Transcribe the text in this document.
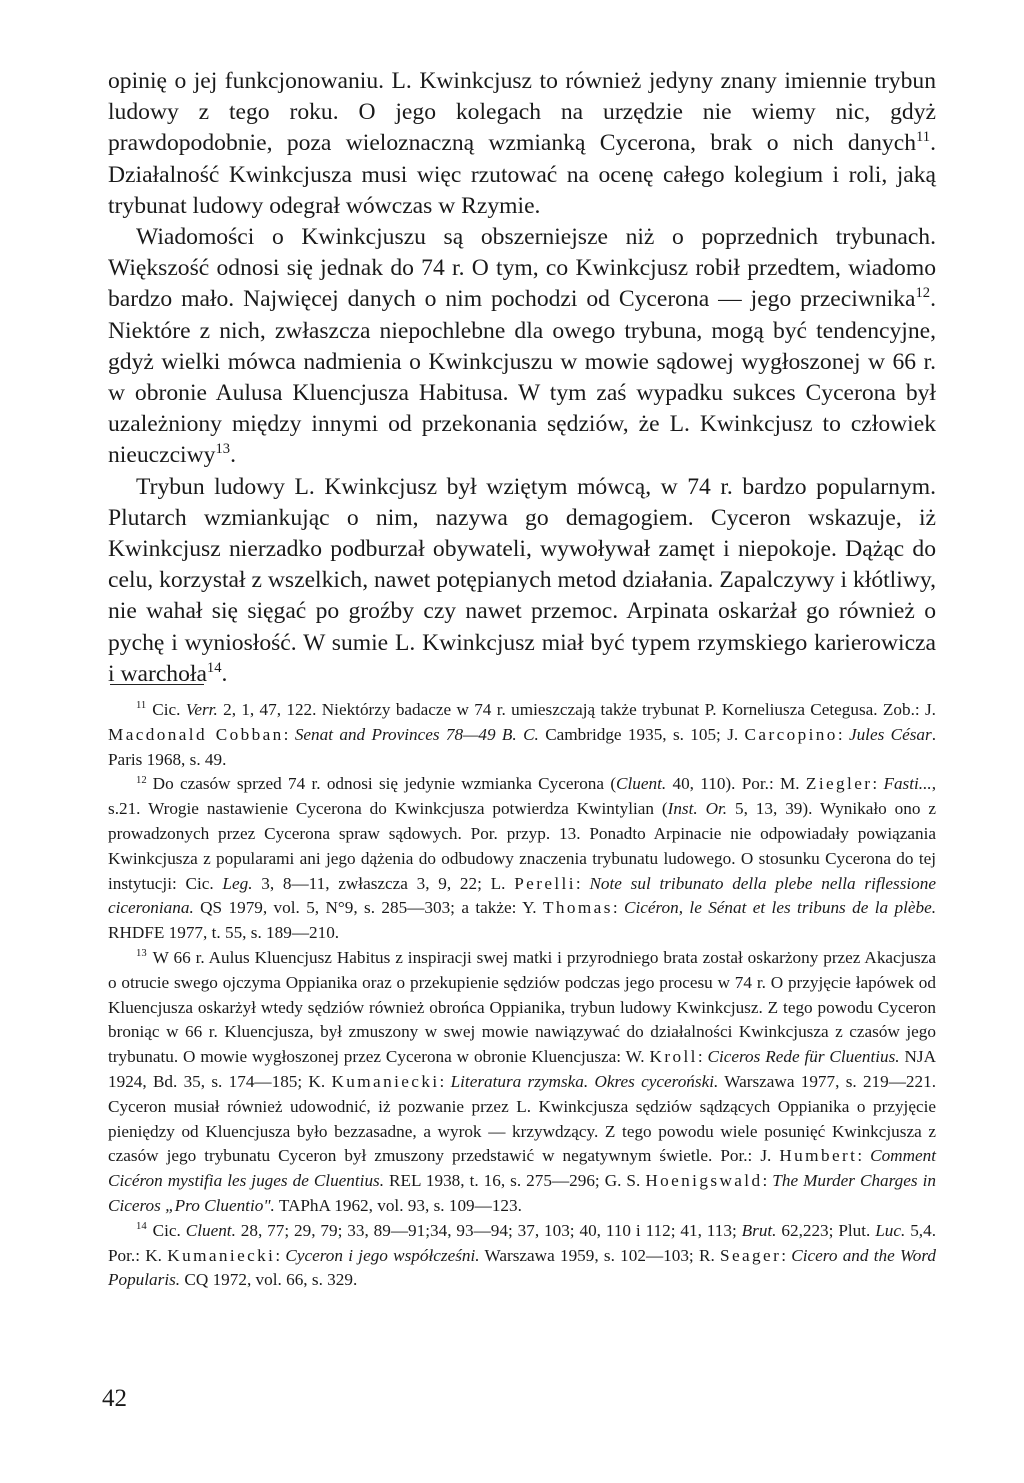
opinię o jej funkcjonowaniu. L. Kwinkcjusz to również jedyny znany imiennie trybun ludowy z tego roku. O jego kolegach na urzędzie nie wiemy nic, gdyż prawdopodobnie, poza wieloznaczną wzmianką Cycerona, brak o nich danych$^{11}$. Działalność Kwinkcjusza musi więc rzutować na ocenę całego kolegium i roli, jaką trybunat ludowy odegrał wówczas w Rzymie.

Wiadomości o Kwinkcjuszu są obszerniejsze niż o poprzednich trybunach. Większość odnosi się jednak do 74 r. O tym, co Kwinkcjusz robił przedtem, wiadomo bardzo mało. Najwięcej danych o nim pochodzi od Cycerona — jego przeciwnika$^{12}$. Niektóre z nich, zwłaszcza niepochlebne dla owego trybuna, mogą być tendencyjne, gdyż wielki mówca nadmienia o Kwinkcjuszu w mowie sądowej wygłoszonej w 66 r. w obronie Aulusa Kluencjusza Habitusa. W tym zaś wypadku sukces Cycerona był uzależniony między innymi od przekonania sędziów, że L. Kwinkcjusz to człowiek nieuczciwy$^{13}$.

Trybun ludowy L. Kwinkcjusz był wziętym mówcą, w 74 r. bardzo popularnym. Plutarch wzmiankując o nim, nazywa go demagogiem. Cyceron wskazuje, iż Kwinkcjusz nierzadko podburzał obywateli, wywoływał zamęt i niepokoje. Dążąc do celu, korzystał z wszelkich, nawet potępianych metod działania. Zapalczywy i kłótliwy, nie wahał się sięgać po groźby czy nawet przemoc. Arpinata oskarżał go również o pychę i wyniosłość. W sumie L. Kwinkcjusz miał być typem rzymskiego karierowicza i warchoła$^{14}$.

$^{11}$ Cic. Verr. 2, 1, 47, 122. Niektórzy badacze w 74 r. umieszczają także trybunat P. Korneliusza Cetegusa. Zob.: J. Macdonald Cobban: Senat and Provinces 78—49 B. C. Cambridge 1935, s. 105; J. Carcopino: Jules César. Paris 1968, s. 49.

$^{12}$ Do czasów sprzed 74 r. odnosi się jedynie wzmianka Cycerona (Cluent. 40, 110). Por.: M. Ziegler: Fasti..., s.21. Wrogie nastawienie Cycerona do Kwinkcjusza potwierdza Kwintylian (Inst. Or. 5, 13, 39). Wynikało ono z prowadzonych przez Cycerona spraw sądowych. Por. przyp. 13. Ponadto Arpinacie nie odpowiadały powiązania Kwinkcjusza z popularami ani jego dążenia do odbudowy znaczenia trybunatu ludowego. O stosunku Cycerona do tej instytucji: Cic. Leg. 3, 8—11, zwłaszcza 3, 9, 22; L. Perelli: Note sul tribunato della plebe nella riflessione ciceroniana. QS 1979, vol. 5, N°9, s. 285—303; a także: Y. Thomas: Cicéron, le Sénat et les tribuns de la plèbe. RHDFE 1977, t. 55, s. 189—210.

$^{13}$ W 66 r. Aulus Kluencjusz Habitus z inspiracji swej matki i przyrodniego brata został oskarżony przez Akacjusza o otrucie swego ojczyma Oppianika oraz o przekupienie sędziów podczas jego procesu w 74 r. O przyjęcie łapówek od Kluencjusza oskarżył wtedy sędziów również obrońca Oppianika, trybun ludowy Kwinkcjusz. Z tego powodu Cyceron broniąc w 66 r. Kluencjusza, był zmuszony w swej mowie nawiązywać do działalności Kwinkcjusza z czasów jego trybunatu. O mowie wygłoszonej przez Cycerona w obronie Kluencjusza: W. Kroll: Ciceros Rede für Cluentius. NJA 1924, Bd. 35, s. 174—185; K. Kumaniecki: Literatura rzymska. Okres cyceroński. Warszawa 1977, s. 219—221. Cyceron musiał również udowodnić, iż pozwanie przez L. Kwinkcjusza sędziów sądzących Oppianika o przyjęcie pieniędzy od Kluencjusza było bezzasadne, a wyrok — krzywdzący. Z tego powodu wiele posunięć Kwinkcjusza z czasów jego trybunatu Cyceron był zmuszony przedstawić w negatywnym świetle. Por.: J. Humbert: Comment Cicéron mystifia les juges de Cluentius. REL 1938, t. 16, s. 275—296; G. S. Hoenigswald: The Murder Charges in Ciceros „Pro Cluentio". TAPhA 1962, vol. 93, s. 109—123.

$^{14}$ Cic. Cluent. 28, 77; 29, 79; 33, 89—91;34, 93—94; 37, 103; 40, 110 i 112; 41, 113; Brut. 62,223; Plut. Luc. 5,4. Por.: K. Kumaniecki: Cyceron i jego współcześni. Warszawa 1959, s. 102—103; R. Seager: Cicero and the Word Popularis. CQ 1972, vol. 66, s. 329.

42
